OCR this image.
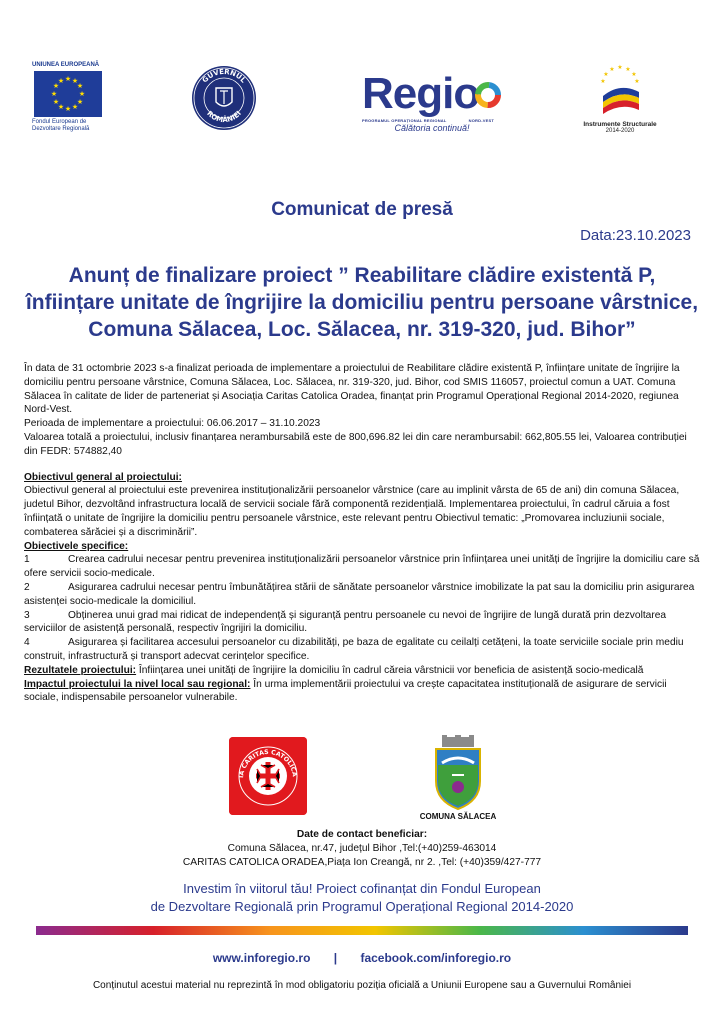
UNIUNEA EUROPEANĂ
★ ★
★
★
★
★
★
★
★
★
★
★
Fondul European de
Dezvoltare Regională
GUVERNUL
ROMÂNIEI	Regio
PROGRAMUL OPERAȚIONAL REGIONAL	NORD-VEST
Călătoria continuă!
★ ★
★
★
★
★
★
Instrumente Structurale
2014-2020
Comunicat de presă
Data:23.10.2023
Anunț de finalizare proiect ” Reabilitare clădire existentă P,
înființare unitate de îngrijire la domiciliu pentru persoane vârstnice,
Comuna Sălacea, Loc. Sălacea, nr. 319-320, jud. Bihor”

În data de 31 octombrie 2023 s-a finalizat perioada de implementare a proiectului de Reabilitare clădire existentă P, înființare unitate de îngrijire la domiciliu pentru persoane vârstnice, Comuna Sălacea, Loc. Sălacea, nr. 319-320, jud. Bihor, cod SMIS 116057, proiectul comun a UAT. Comuna Sălacea în calitate de lider de parteneriat și Asociația Caritas Catolica Oradea, finanțat prin Programul Operațional Regional 2014-2020, regiunea Nord-Vest.

Perioada de implementare a proiectului: 06.06.2017 – 31.10.2023

Valoarea totală a proiectului, inclusiv finanțarea nerambursabilă este de 800,696.82 lei din care nerambursabil: 662,805.55 lei, Valoarea contribuției din FEDR: 574882,40

Obiectivul general al proiectului:

Obiectivul general al proiectului este prevenirea instituționalizării persoanelor vârstnice (care au implinit vârsta de 65 de ani) din comuna Sălacea, judetul Bihor, dezvoltând infrastructura locală de servicii sociale fără componentă rezidențială. Implementarea proiectului, în cadrul căruia a fost înființată o unitate de îngrijire la domiciliu pentru persoanele vârstnice, este relevant pentru Obiectivul tematic: „Promovarea incluziunii sociale, combaterea sărăciei și a discriminării”.

Obiectivele specifice:

1	Crearea cadrului necesar pentru prevenirea instituționalizării persoanelor vârstnice prin înființarea unei unități de îngrijire la domiciliu care să ofere servicii socio-medicale.

2	Asigurarea cadrului necesar pentru îmbunătățirea stării de sănătate persoanelor vârstnice imobilizate la pat sau la domiciliu prin asigurarea asistenței socio-medicale la domiciliul.

3	Obținerea unui grad mai ridicat de independență și siguranță pentru persoanele cu nevoi de îngrijire de lungă durată prin dezvoltarea serviciilor de asistență personală, respectiv îngrijiri la domiciliu.

4	Asigurarea și facilitarea accesului persoanelor cu dizabilități, pe baza de egalitate cu ceilalți cetățeni, la toate serviciile sociale prin mediu construit, infrastructură și transport adecvat cerințelor specifice.

Rezultatele proiectului: Înființarea unei unități de îngrijire la domiciliu în cadrul căreia vârstnicii vor beneficia de asistență socio-medicală

Impactul proiectului la nivel local sau regional: În urma implementării proiectului va crește capacitatea instituțională de asigurare de servicii sociale, indispensabile persoanelor vulnerabile.

IA CARITAS CATOLICA
COMUNA SĂLACEA
Date de contact beneficiar:
Comuna Sălacea, nr.47, județul Bihor ,Tel:(+40)259-463014
CARITAS CATOLICA ORADEA,Piața Ion Creangă, nr 2. ,Tel: (+40)359/427-777
Investim în viitorul tău! Proiect cofinanțat din Fondul European
de Dezvoltare Regională prin Programul Operațional Regional 2014-2020
www.inforegio.ro | facebook.com/inforegio.ro
Conținutul acestui material nu reprezintă în mod obligatoriu poziția oficială a Uniunii Europene sau a Guvernului României
